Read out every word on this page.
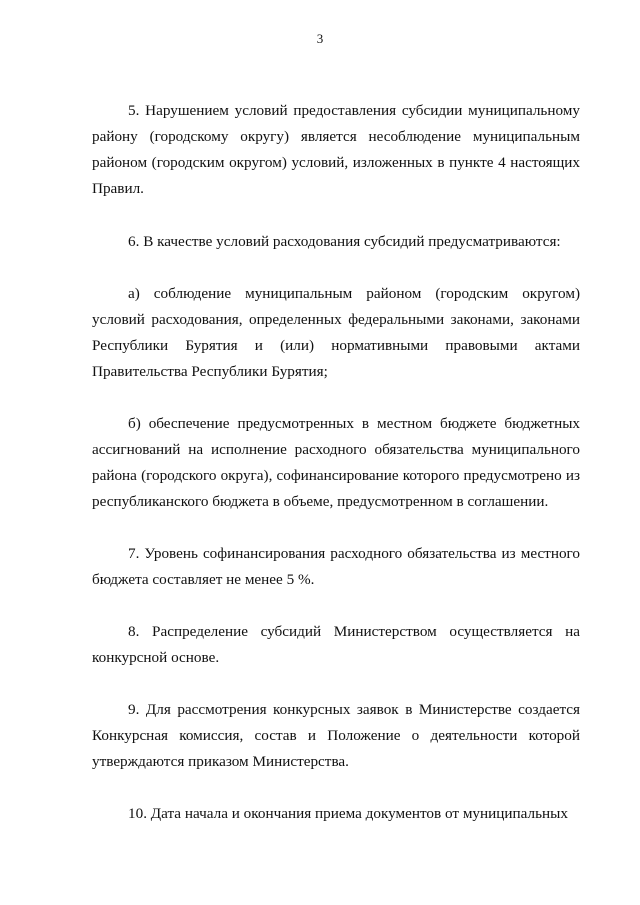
3

5. Нарушением условий предоставления субсидии муниципальному району (городскому округу) является несоблюдение муниципальным районом (городским округом) условий, изложенных в пункте 4 настоящих Правил.

6. В качестве условий расходования субсидий предусматриваются:

а) соблюдение муниципальным районом (городским округом) условий расходования, определенных федеральными законами, законами Республики Бурятия и (или) нормативными правовыми актами Правительства Республики Бурятия;

б) обеспечение предусмотренных в местном бюджете бюджетных ассигнований на исполнение расходного обязательства муниципального района (городского округа), софинансирование которого предусмотрено из республиканского бюджета в объеме, предусмотренном в соглашении.

7. Уровень софинансирования расходного обязательства из местного бюджета составляет не менее 5 %.

8. Распределение субсидий Министерством осуществляется на конкурсной основе.

9. Для рассмотрения конкурсных заявок в Министерстве создается Конкурсная комиссия, состав и Положение о деятельности которой утверждаются приказом Министерства.

10. Дата начала и окончания приема документов от муниципальных
